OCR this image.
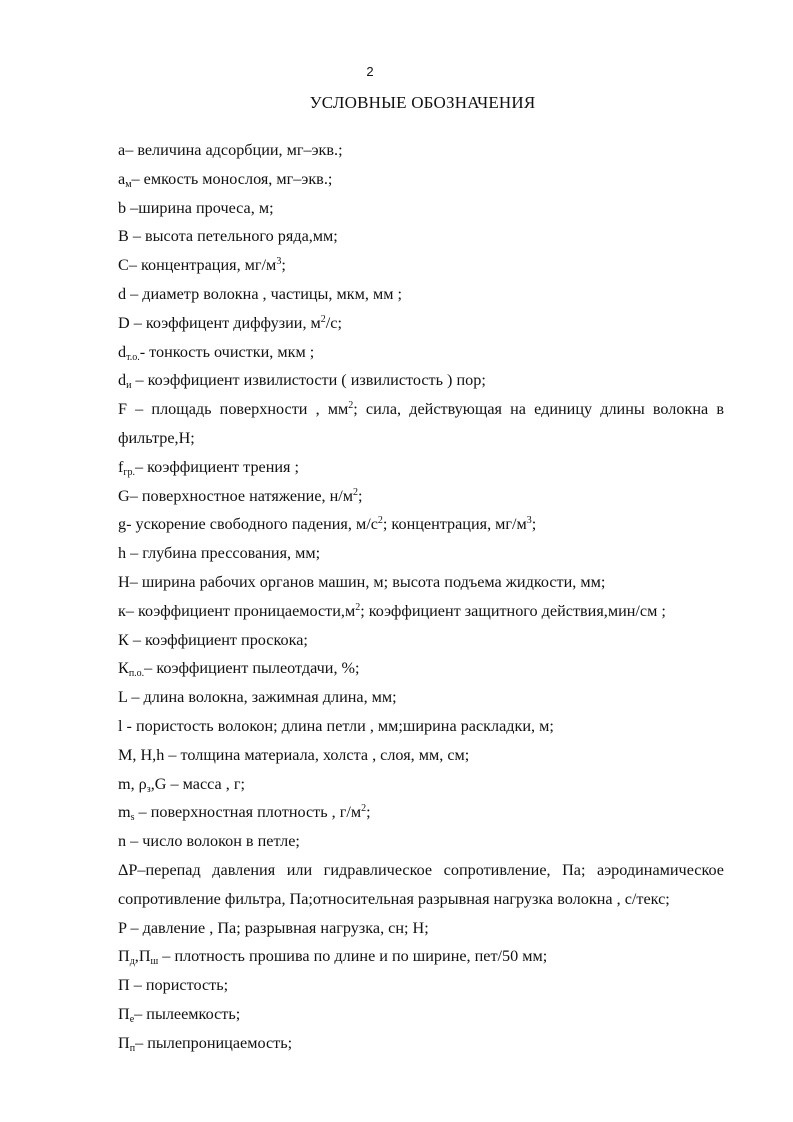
2
УСЛОВНЫЕ ОБОЗНАЧЕНИЯ

a– величина адсорбции, мг–экв.;

$a_м-$ емкость монослоя, мг–экв.;

b –ширина прочеса, м;

B – высота петельного ряда,мм;

C– концентрация, $мг/м^3$;

d – диаметр волокна , частицы, мкм, мм ;

D – коэффицент диффузии, $м^2/с$;

$d_{т.о.}-$ тонкость очистки, мкм ;

$d_и$ – коэффициент извилистости ( извилистость ) пор;

F – площадь поверхности , $мм^2$; сила, действующая на единицу длины волокна в фильтре,Н;

$f_{гр.}-$ коэффициент трения ;

G– поверхностное натяжение, $н/м^2$;

g- ускорение свободного падения, $м/с^2$; концентрация, $мг/м^3$;

h – глубина прессования, мм;

H– ширина рабочих органов машин, м; высота подъема жидкости, мм;

к– коэффициент $проницаемости,м^2$; коэффициент защитного действия,мин/см ;

К – коэффициент проскока;

$К_{п.о.}-$ коэффициент пылеотдачи, %;

L – длина волокна, зажимная длина, мм;

l - пористость волокон; длина петли , мм;ширина раскладки, м;

M, H,h – толщина материала, холста , слоя, мм, см;

m, $\rho_з,G$ – масса , г;

$m_s$ – поверхностная плотность , $г/м^2$;

n – число волокон в петле;

ΔP–перепад давления или гидравлическое сопротивление, Па; аэродинамическое сопротивление фильтра, Па;относительная разрывная нагрузка волокна , с/текс;

P – давление , Па; разрывная нагрузка, сн; Н;

$П_д,П_ш$ – плотность прошива по длине и по ширине, пет/50 мм;

П – пористость;

$П_е-$ пылеемкость;

$П_п-$ пылепроницаемость;
